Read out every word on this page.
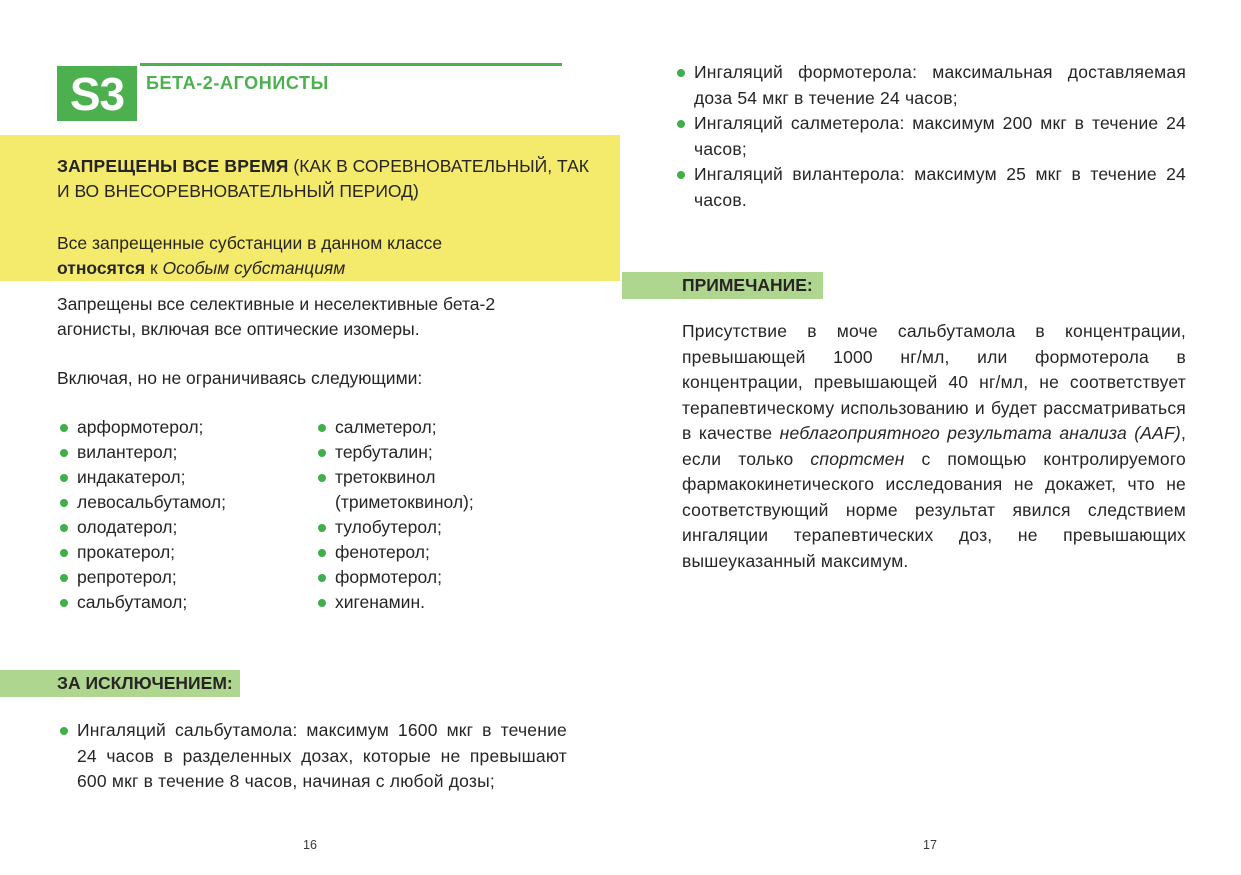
S3 БЕТА-2-АГОНИСТЫ

ЗАПРЕЩЕНЫ ВСЕ ВРЕМЯ (КАК В СОРЕВНОВАТЕЛЬНЫЙ, ТАК И ВО ВНЕСОРЕВНОВАТЕЛЬНЫЙ ПЕРИОД)

Все запрещенные субстанции в данном классе относятся к Особым субстанциям

Запрещены все селективные и неселективные бета-2 агонисты, включая все оптические изомеры.

Включая, но не ограничиваясь следующими:

арформотерол;
вилантерол;
индакатерол;
левосальбутамол;
олодатерол;
прокатерол;
репротерол;
сальбутамол;
салметерол;
тербуталин;
третоквинол (триметоквинол);
тулобутерол;
фенотерол;
формотерол;
хигенамин.
ЗА ИСКЛЮЧЕНИЕМ:
Ингаляций сальбутамола: максимум 1600 мкг в течение 24 часов в разделенных дозах, которые не превышают 600 мкг в течение 8 часов, начиная с любой дозы;
16
Ингаляций формотерола: максимальная доставляемая доза 54 мкг в течение 24 часов;
Ингаляций салметерола: максимум 200 мкг в течение 24 часов;
Ингаляций вилантерола: максимум 25 мкг в течение 24 часов.
ПРИМЕЧАНИЕ:

Присутствие в моче сальбутамола в концентрации, превышающей 1000 нг/мл, или формотерола в концентрации, превышающей 40 нг/мл, не соответствует терапевтическому использованию и будет рассматриваться в качестве неблагоприятного результата анализа (AAF), если только спортсмен с помощью контролируемого фармакокинетического исследования не докажет, что не соответствующий норме результат явился следствием ингаляции терапевтических доз, не превышающих вышеуказанный максимум.

17
